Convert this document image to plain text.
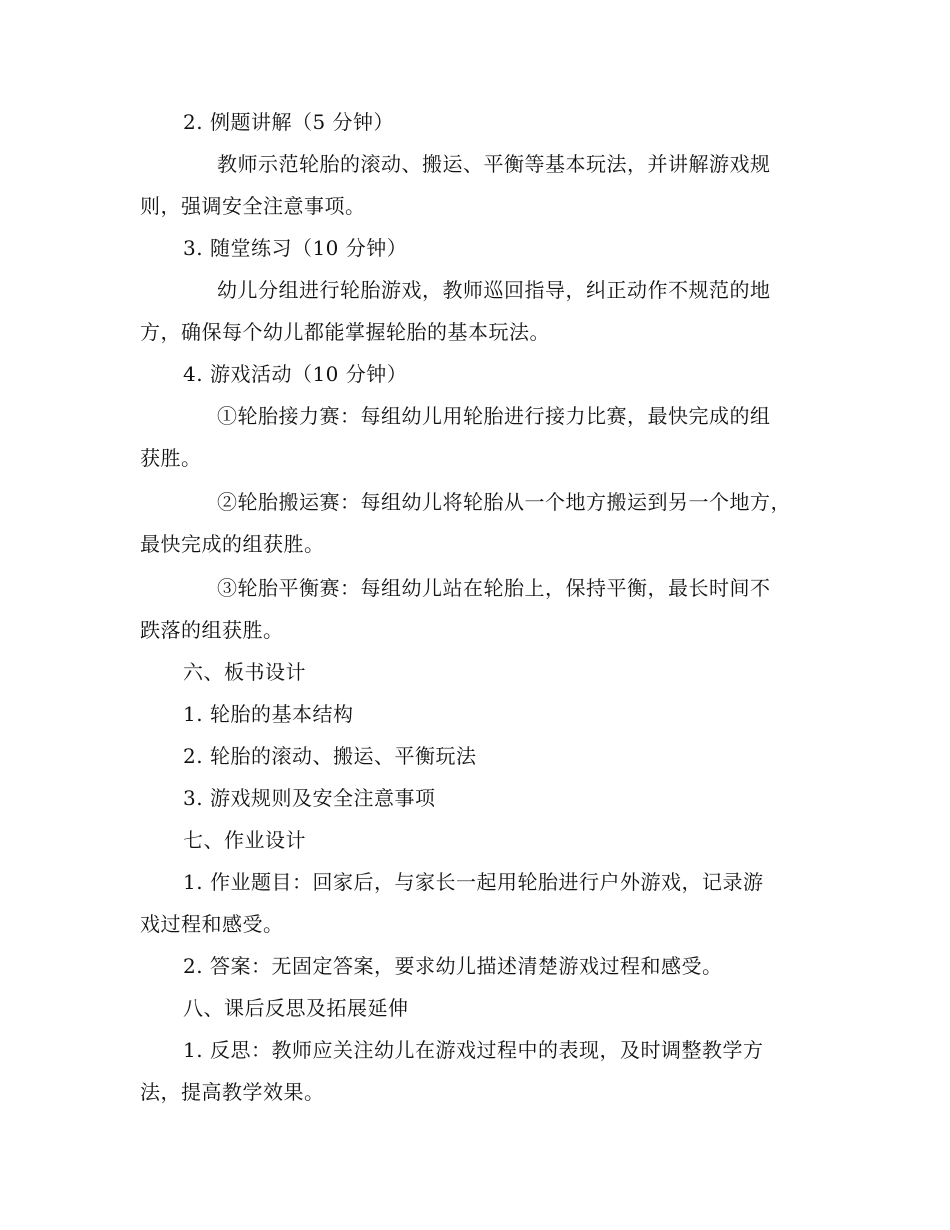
2. 例题讲解（5 分钟）
教师示范轮胎的滚动、搬运、平衡等基本玩法，并讲解游戏规
则，强调安全注意事项。
3. 随堂练习（10 分钟）
幼儿分组进行轮胎游戏，教师巡回指导，纠正动作不规范的地
方，确保每个幼儿都能掌握轮胎的基本玩法。
4. 游戏活动（10 分钟）
①轮胎接力赛：每组幼儿用轮胎进行接力比赛，最快完成的组
获胜。
②轮胎搬运赛：每组幼儿将轮胎从一个地方搬运到另一个地方，
最快完成的组获胜。
③轮胎平衡赛：每组幼儿站在轮胎上，保持平衡，最长时间不
跌落的组获胜。
六、板书设计
1. 轮胎的基本结构
2. 轮胎的滚动、搬运、平衡玩法
3. 游戏规则及安全注意事项
七、作业设计
1. 作业题目：回家后，与家长一起用轮胎进行户外游戏，记录游
戏过程和感受。
2. 答案：无固定答案，要求幼儿描述清楚游戏过程和感受。
八、课后反思及拓展延伸
1. 反思：教师应关注幼儿在游戏过程中的表现，及时调整教学方
法，提高教学效果。
